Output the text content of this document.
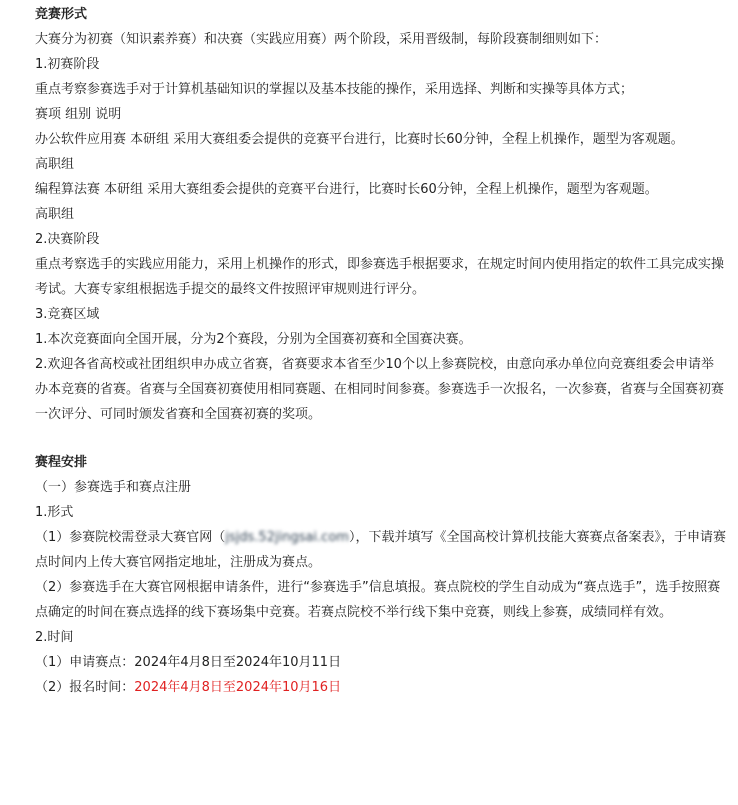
竞赛形式
大赛分为初赛（知识素养赛）和决赛（实践应用赛）两个阶段，采用晋级制，每阶段赛制细则如下：
1.初赛阶段
重点考察参赛选手对于计算机基础知识的掌握以及基本技能的操作，采用选择、判断和实操等具体方式；
赛项 组别 说明
办公软件应用赛 本研组 采用大赛组委会提供的竞赛平台进行，比赛时长60分钟，全程上机操作，题型为客观题。
高职组
编程算法赛 本研组 采用大赛组委会提供的竞赛平台进行，比赛时长60分钟，全程上机操作，题型为客观题。
高职组
2.决赛阶段
重点考察选手的实践应用能力，采用上机操作的形式，即参赛选手根据要求，在规定时间内使用指定的软件工具完成实操考试。大赛专家组根据选手提交的最终文件按照评审规则进行评分。
3.竞赛区域
1.本次竞赛面向全国开展，分为2个赛段，分别为全国赛初赛和全国赛决赛。
2.欢迎各省高校或社团组织申办成立省赛，省赛要求本省至少10个以上参赛院校，由意向承办单位向竞赛组委会申请举办本竞赛的省赛。省赛与全国赛初赛使用相同赛题、在相同时间参赛。参赛选手一次报名，一次参赛，省赛与全国赛初赛一次评分、可同时颁发省赛和全国赛初赛的奖项。
赛程安排
（一）参赛选手和赛点注册
1.形式
（1）参赛院校需登录大赛官网（jsjds.52jingsai.com），下载并填写《全国高校计算机技能大赛赛点备案表》，于申请赛点时间内上传大赛官网指定地址，注册成为赛点。
（2）参赛选手在大赛官网根据申请条件，进行“参赛选手”信息填报。赛点院校的学生自动成为“赛点选手”，选手按照赛点确定的时间在赛点选择的线下赛场集中竞赛。若赛点院校不举行线下集中竞赛，则线上参赛，成绩同样有效。
2.时间
（1）申请赛点：2024年4月8日至2024年10月11日
（2）报名时间：2024年4月8日至2024年10月16日
